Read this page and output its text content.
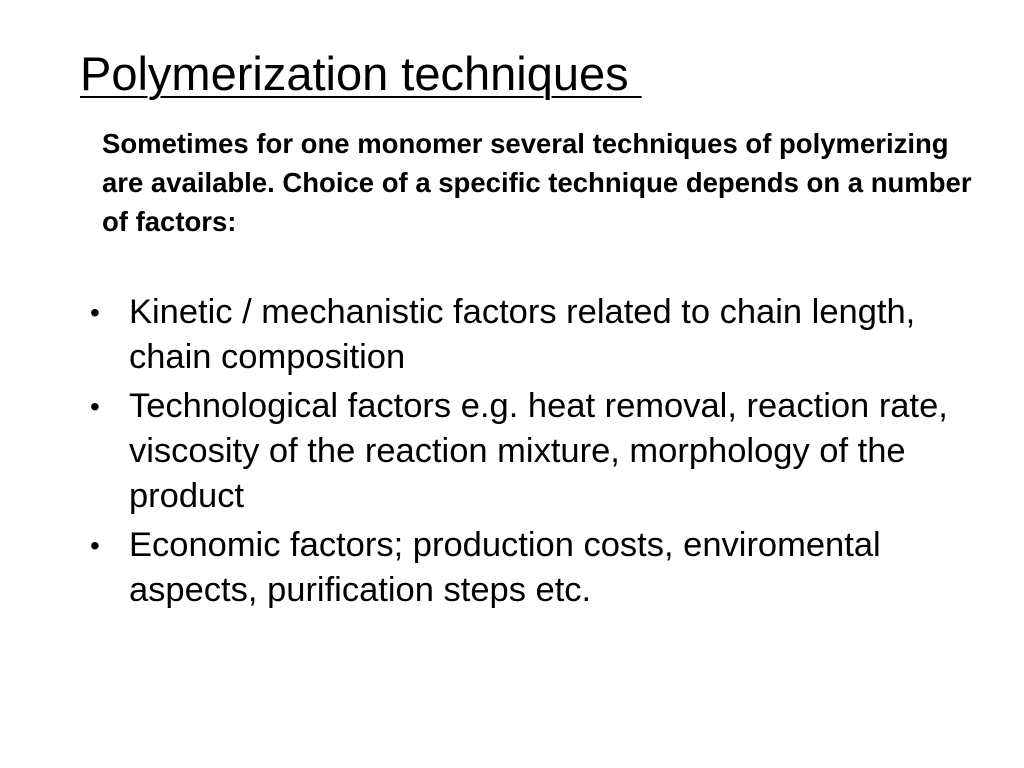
Polymerization techniques

Sometimes for one monomer several techniques of polymerizing are available. Choice of a specific technique depends on a number of factors:

• Kinetic / mechanistic factors related to chain length, chain composition
• Technological factors e.g. heat removal, reaction rate, viscosity of the reaction mixture, morphology of the product
• Economic factors; production costs, enviromental aspects, purification steps etc.
